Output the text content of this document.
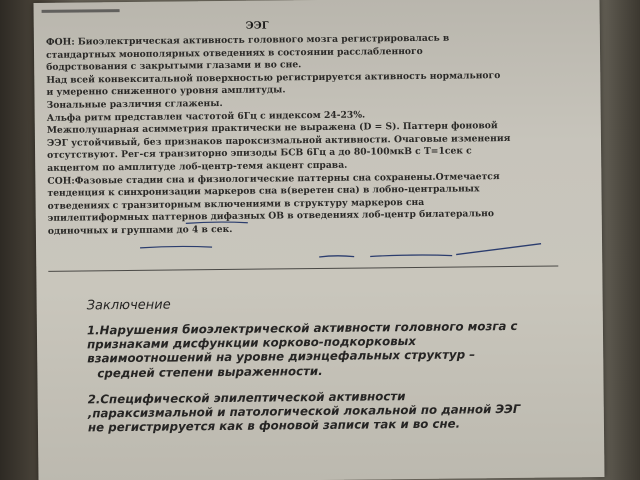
ЭЭГ
ФОН: Биоэлектрическая активность головного мозга регистрировалась в
стандартных монополярных отведениях в состоянии расслабленного
бодрствования с закрытыми глазами и во сне.
Над всей конвекситальной поверхностью регистрируется активность нормального
и умеренно сниженного уровня амплитуды.
Зональные различия сглажены.
Альфа ритм представлен частотой 6Гц с индексом 24-23%.
Межполушарная асимметрия практически не выражена (D = S). Паттерн фоновой
ЭЭГ устойчивый, без признаков пароксизмальной активности. Очаговые изменения
отсутствуют. Рег-ся транзиторно эпизоды БСВ 6Гц а до 80-100мкВ с T=1сек с
акцентом по амплитуде лоб-центр-темя акцент справа.
СОН:Фазовые стадии сна и физиологические паттерны сна сохранены.Отмечается
тенденция к синхронизации маркеров сна в(веретен сна) в лобно-центральных
отведениях с транзиторным включениями в структуру маркеров сна
эпилептиформных паттернов дифазных ОВ в отведениях лоб-центр билатерально
одиночных и группами до 4 в сек.
Заключение
1.Нарушения биоэлектрической активности головного мозга с
признаками дисфункции корково-подкорковых
взаимоотношений на уровне диэнцефальных структур –
средней степени выраженности.
2.Специфической эпилептической активности
,параксизмальной и патологической локальной по данной ЭЭГ
не регистрируется как в фоновой записи так и во сне.
